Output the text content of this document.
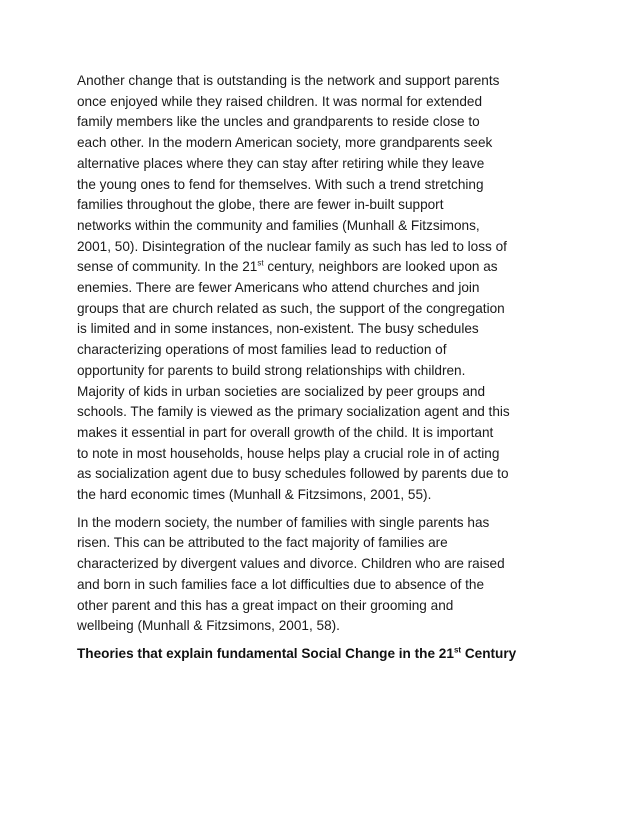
Another change that is outstanding is the network and support parents
once enjoyed while they raised children. It was normal for extended
family members like the uncles and grandparents to reside close to
each other. In the modern American society, more grandparents seek
alternative places where they can stay after retiring while they leave
the young ones to fend for themselves. With such a trend stretching
families throughout the globe, there are fewer in-built support
networks within the community and families (Munhall & Fitzsimons,
2001, 50). Disintegration of the nuclear family as such has led to loss of
sense of community. In the 21st century, neighbors are looked upon as
enemies. There are fewer Americans who attend churches and join
groups that are church related as such, the support of the congregation
is limited and in some instances, non-existent. The busy schedules
characterizing operations of most families lead to reduction of
opportunity for parents to build strong relationships with children.
Majority of kids in urban societies are socialized by peer groups and
schools. The family is viewed as the primary socialization agent and this
makes it essential in part for overall growth of the child. It is important
to note in most households, house helps play a crucial role in of acting
as socialization agent due to busy schedules followed by parents due to
the hard economic times (Munhall & Fitzsimons, 2001, 55).

In the modern society, the number of families with single parents has
risen. This can be attributed to the fact majority of families are
characterized by divergent values and divorce. Children who are raised
and born in such families face a lot difficulties due to absence of the
other parent and this has a great impact on their grooming and
wellbeing (Munhall & Fitzsimons, 2001, 58).

Theories that explain fundamental Social Change in the 21st Century
